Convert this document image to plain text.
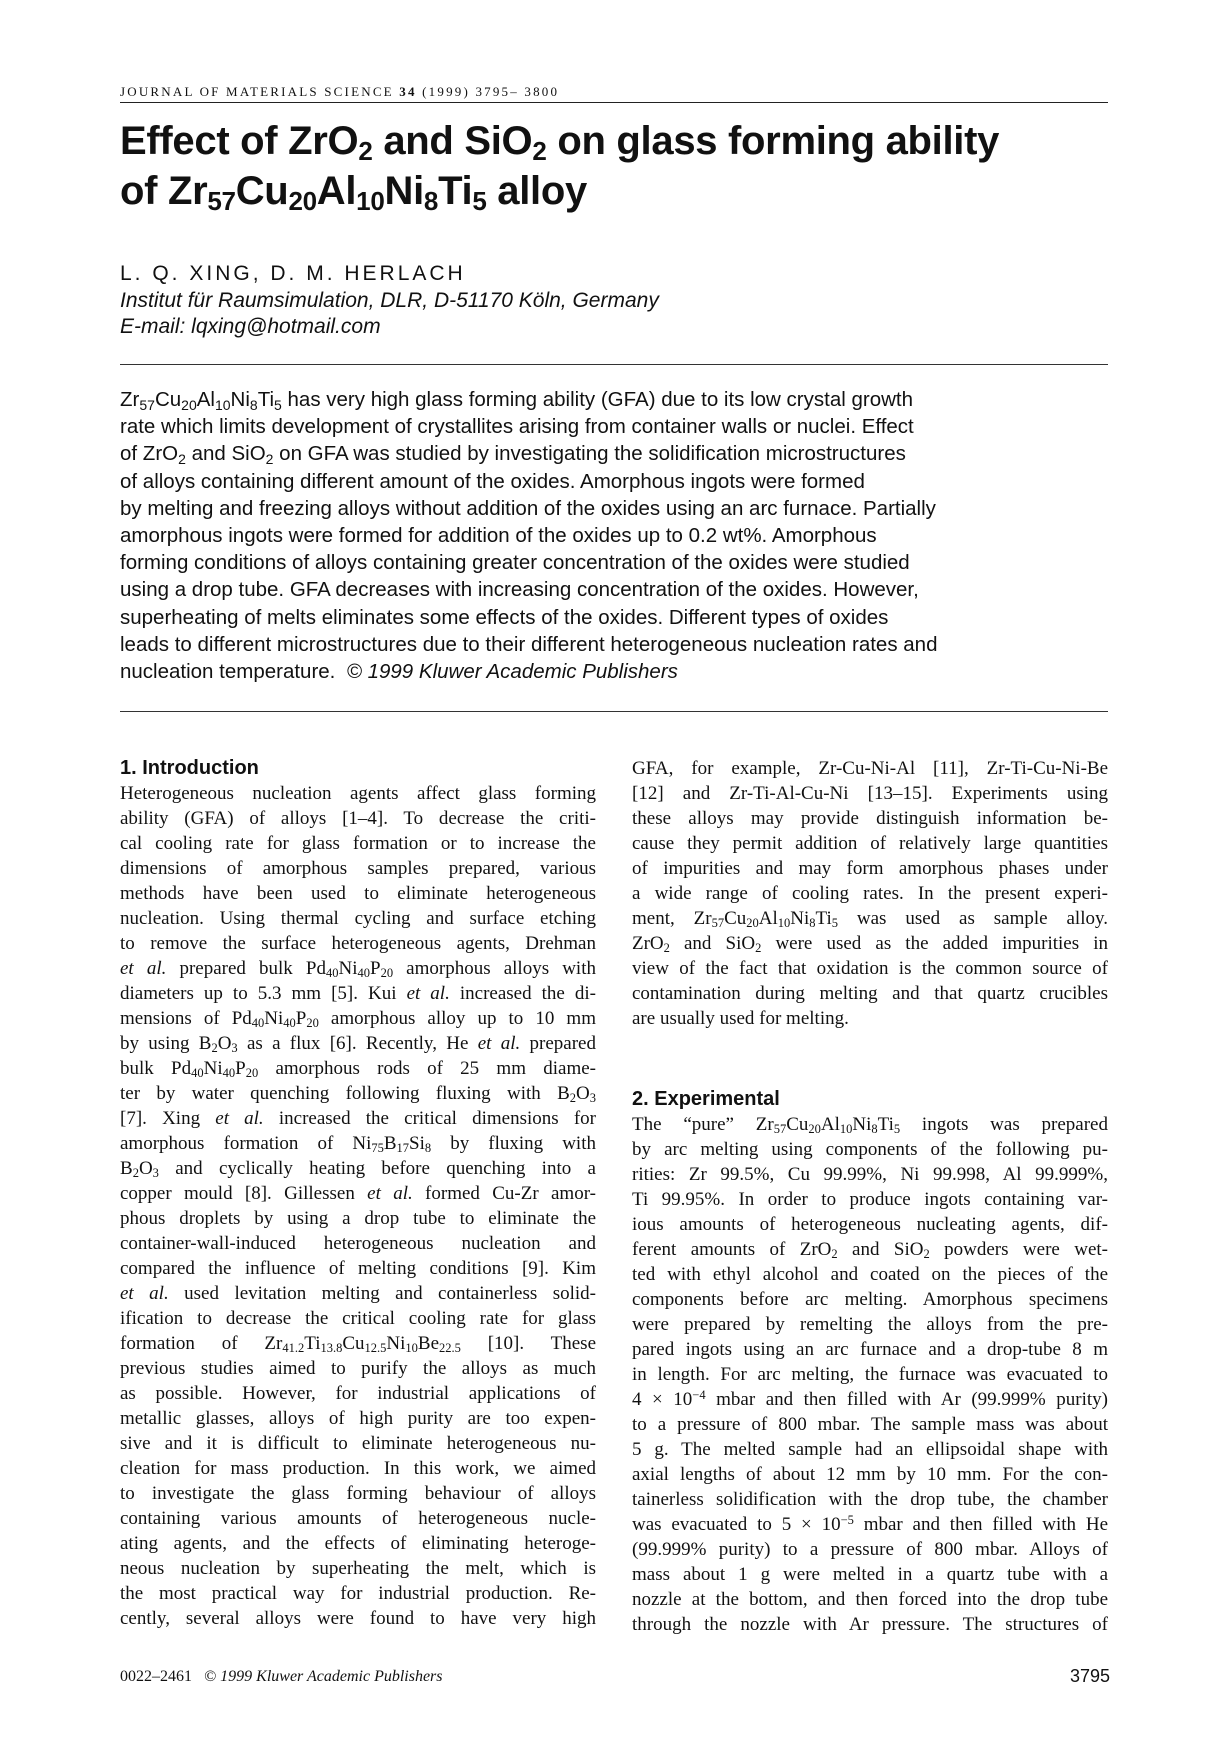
JOURNAL OF MATERIALS SCIENCE 34 (1999) 3795– 3800
Effect of ZrO$_2$ and SiO$_2$ on glass forming ability
of $Zr_{57}Cu_{20}Al_{10}Ni_8Ti_5$ alloy
L. Q. XING, D. M. HERLACH
Institut für Raumsimulation, DLR, D-51170 Köln, Germany
E-mail: lqxing@hotmail.com
$Zr_{57}Cu_{20}Al_{10}Ni_8Ti_5$ has very high glass forming ability (GFA) due to its low crystal growth
rate which limits development of crystallites arising from container walls or nuclei. Effect
of ZrO$_2$ and SiO$_2$ on GFA was studied by investigating the solidification microstructures
of alloys containing different amount of the oxides. Amorphous ingots were formed
by melting and freezing alloys without addition of the oxides using an arc furnace. Partially
amorphous ingots were formed for addition of the oxides up to 0.2 wt%. Amorphous
forming conditions of alloys containing greater concentration of the oxides were studied
using a drop tube. GFA decreases with increasing concentration of the oxides. However,
superheating of melts eliminates some effects of the oxides. Different types of oxides
leads to different microstructures due to their different heterogeneous nucleation rates and
nucleation temperature. © 1999 Kluwer Academic Publishers
1. Introduction
Heterogeneous nucleation agents affect glass forming
ability (GFA) of alloys [1–4]. To decrease the criti-
cal cooling rate for glass formation or to increase the
dimensions of amorphous samples prepared, various
methods have been used to eliminate heterogeneous
nucleation. Using thermal cycling and surface etching
to remove the surface heterogeneous agents, Drehman
et al. prepared bulk $Pd_{40}Ni_{40}P_{20}$ amorphous alloys with
diameters up to 5.3 mm [5]. Kui et al. increased the di-
mensions of $Pd_{40}Ni_{40}P_{20}$ amorphous alloy up to 10 mm
by using $B_2O_3$ as a flux [6]. Recently, He et al. prepared
bulk $Pd_{40}Ni_{40}P_{20}$ amorphous rods of 25 mm diame-
ter by water quenching following fluxing with $B_2O_3$
[7]. Xing et al. increased the critical dimensions for
amorphous formation of $Ni_{75}B_{17}Si_8$ by fluxing with
$B_2O_3$ and cyclically heating before quenching into a
copper mould [8]. Gillessen et al. formed Cu-Zr amor-
phous droplets by using a drop tube to eliminate the
container-wall-induced heterogeneous nucleation and
compared the influence of melting conditions [9]. Kim
et al. used levitation melting and containerless solid-
ification to decrease the critical cooling rate for glass
formation of $Zr_{41.2}Ti_{13.8}Cu_{12.5}Ni_{10}Be_{22.5}$ [10]. These
previous studies aimed to purify the alloys as much
as possible. However, for industrial applications of
metallic glasses, alloys of high purity are too expen-
sive and it is difficult to eliminate heterogeneous nu-
cleation for mass production. In this work, we aimed
to investigate the glass forming behaviour of alloys
containing various amounts of heterogeneous nucle-
ating agents, and the effects of eliminating heteroge-
neous nucleation by superheating the melt, which is
the most practical way for industrial production. Re-
cently, several alloys were found to have very high
GFA, for example, Zr-Cu-Ni-Al [11], Zr-Ti-Cu-Ni-Be
[12] and Zr-Ti-Al-Cu-Ni [13–15]. Experiments using
these alloys may provide distinguish information be-
cause they permit addition of relatively large quantities
of impurities and may form amorphous phases under
a wide range of cooling rates. In the present experi-
ment, $Zr_{57}Cu_{20}Al_{10}Ni_8Ti_5$ was used as sample alloy.
ZrO$_2$ and SiO$_2$ were used as the added impurities in
view of the fact that oxidation is the common source of
contamination during melting and that quartz crucibles
are usually used for melting.
2. Experimental
The “pure” $Zr_{57}Cu_{20}Al_{10}Ni_8Ti_5$ ingots was prepared
by arc melting using components of the following pu-
rities: Zr 99.5%, Cu 99.99%, Ni 99.998, Al 99.999%,
Ti 99.95%. In order to produce ingots containing var-
ious amounts of heterogeneous nucleating agents, dif-
ferent amounts of ZrO$_2$ and SiO$_2$ powders were wet-
ted with ethyl alcohol and coated on the pieces of the
components before arc melting. Amorphous specimens
were prepared by remelting the alloys from the pre-
pared ingots using an arc furnace and a drop-tube 8 m
in length. For arc melting, the furnace was evacuated to
$4 \times 10^{-4}$ mbar and then filled with Ar (99.999% purity)
to a pressure of 800 mbar. The sample mass was about
5 g. The melted sample had an ellipsoidal shape with
axial lengths of about 12 mm by 10 mm. For the con-
tainerless solidification with the drop tube, the chamber
was evacuated to $5 \times 10^{-5}$ mbar and then filled with He
(99.999% purity) to a pressure of 800 mbar. Alloys of
mass about 1 g were melted in a quartz tube with a
nozzle at the bottom, and then forced into the drop tube
through the nozzle with Ar pressure. The structures of
0022–2461 © 1999 Kluwer Academic Publishers	3795
